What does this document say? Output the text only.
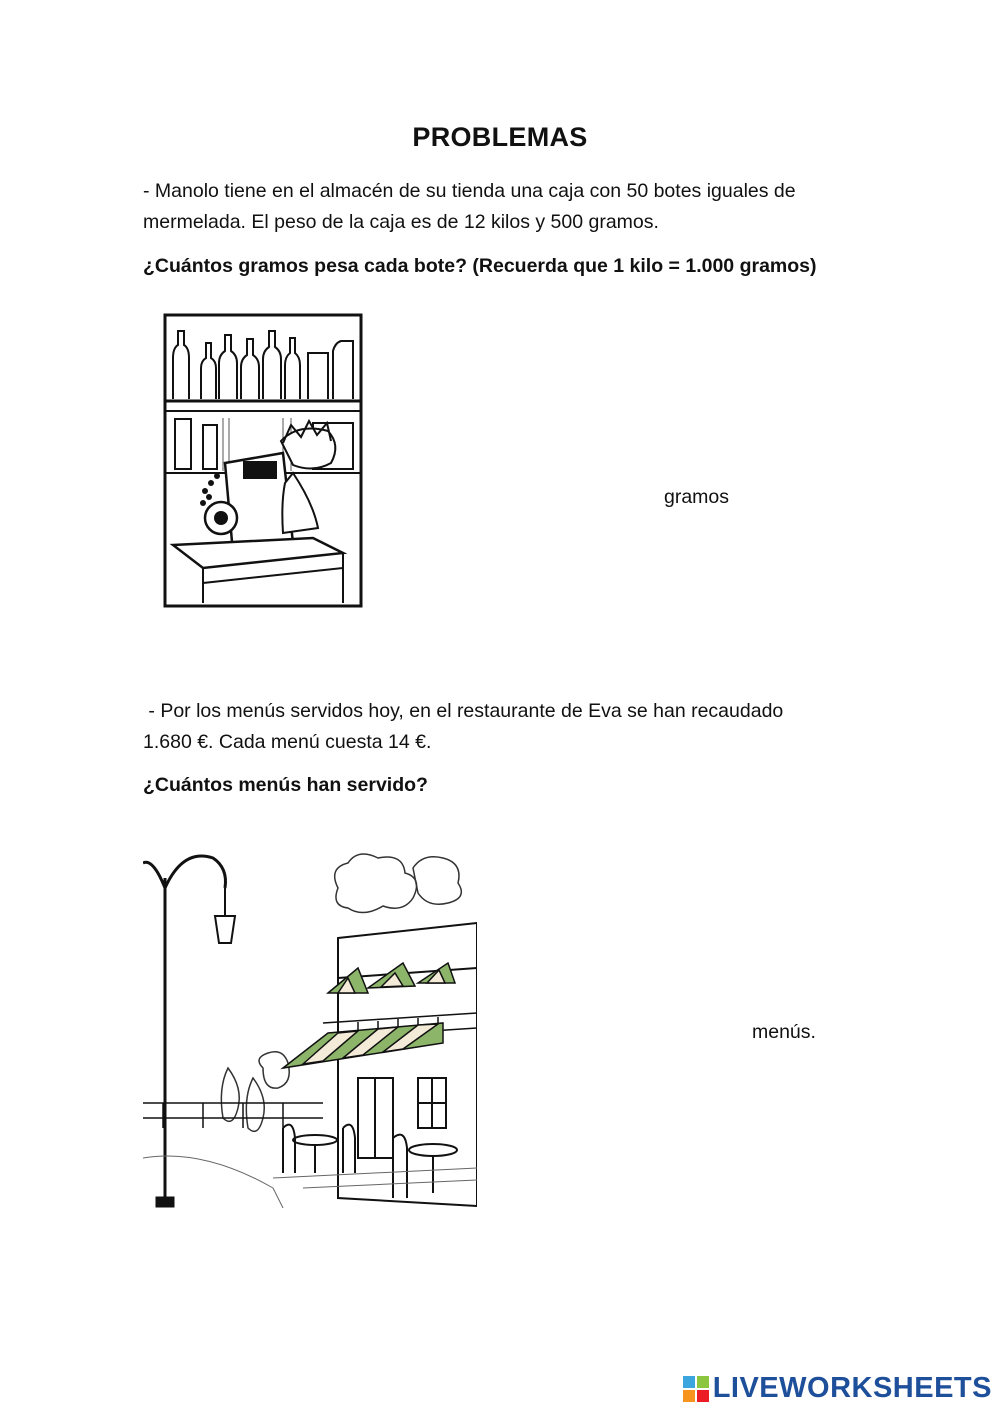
PROBLEMAS
- Manolo tiene en el almacén de su tienda una caja con 50 botes iguales de
mermelada. El peso de la caja es de 12 kilos y 500 gramos.
¿Cuántos gramos pesa cada bote? (Recuerda que 1 kilo = 1.000 gramos)
gramos
- Por los menús servidos hoy, en el restaurante de Eva se han recaudado
1.680 €. Cada menú cuesta 14 €.
¿Cuántos menús han servido?
menús.
LIVEWORKSHEETS
